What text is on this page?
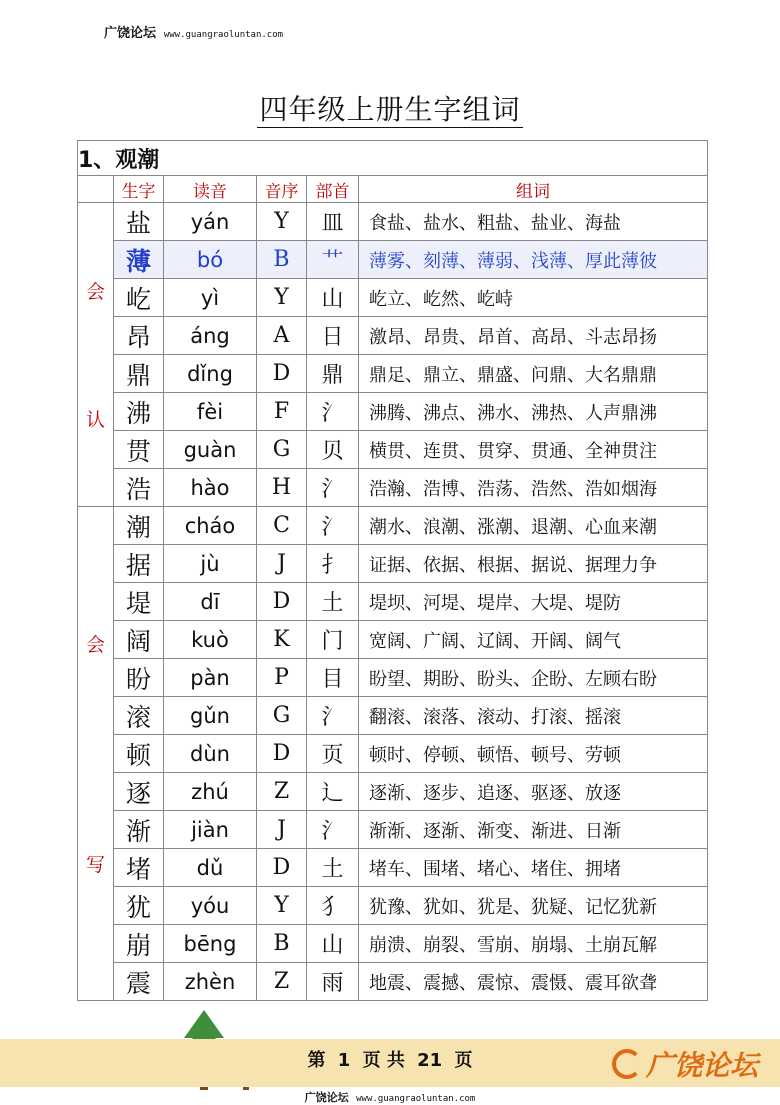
广饶论坛 www.guangraoluntan.com
四年级上册生字组词
1、观潮					
	生字	读音	音序	部首	组词

会
认	盐	yán	Y	皿	食盐、盐水、粗盐、盐业、海盐
	薄	bó	B	艹	薄雾、刻薄、薄弱、浅薄、厚此薄彼
	屹	yì	Y	山	屹立、屹然、屹峙
	昂	áng	A	日	激昂、昂贵、昂首、高昂、斗志昂扬
	鼎	dǐng	D	鼎	鼎足、鼎立、鼎盛、问鼎、大名鼎鼎
	沸	fèi	F	氵	沸腾、沸点、沸水、沸热、人声鼎沸
	贯	guàn	G	贝	横贯、连贯、贯穿、贯通、全神贯注
	浩	hào	H	氵	浩瀚、浩博、浩荡、浩然、浩如烟海

会
写	潮	cháo	C	氵	潮水、浪潮、涨潮、退潮、心血来潮
	据	jù	J	扌	证据、依据、根据、据说、据理力争
	堤	dī	D	土	堤坝、河堤、堤岸、大堤、堤防
	阔	kuò	K	门	宽阔、广阔、辽阔、开阔、阔气
	盼	pàn	P	目	盼望、期盼、盼头、企盼、左顾右盼
	滚	gǔn	G	氵	翻滚、滚落、滚动、打滚、摇滚
	顿	dùn	D	页	顿时、停顿、顿悟、顿号、劳顿
	逐	zhú	Z	辶	逐渐、逐步、追逐、驱逐、放逐
	渐	jiàn	J	氵	渐渐、逐渐、渐变、渐进、日渐
	堵	dǔ	D	土	堵车、围堵、堵心、堵住、拥堵
	犹	yóu	Y	犭	犹豫、犹如、犹是、犹疑、记忆犹新
	崩	bēng	B	山	崩溃、崩裂、雪崩、崩塌、土崩瓦解
	震	zhèn	Z	雨	地震、震撼、震惊、震慑、震耳欲聋
第 1 页 共 21 页	广饶论坛
广饶论坛 www.guangraoluntan.com
